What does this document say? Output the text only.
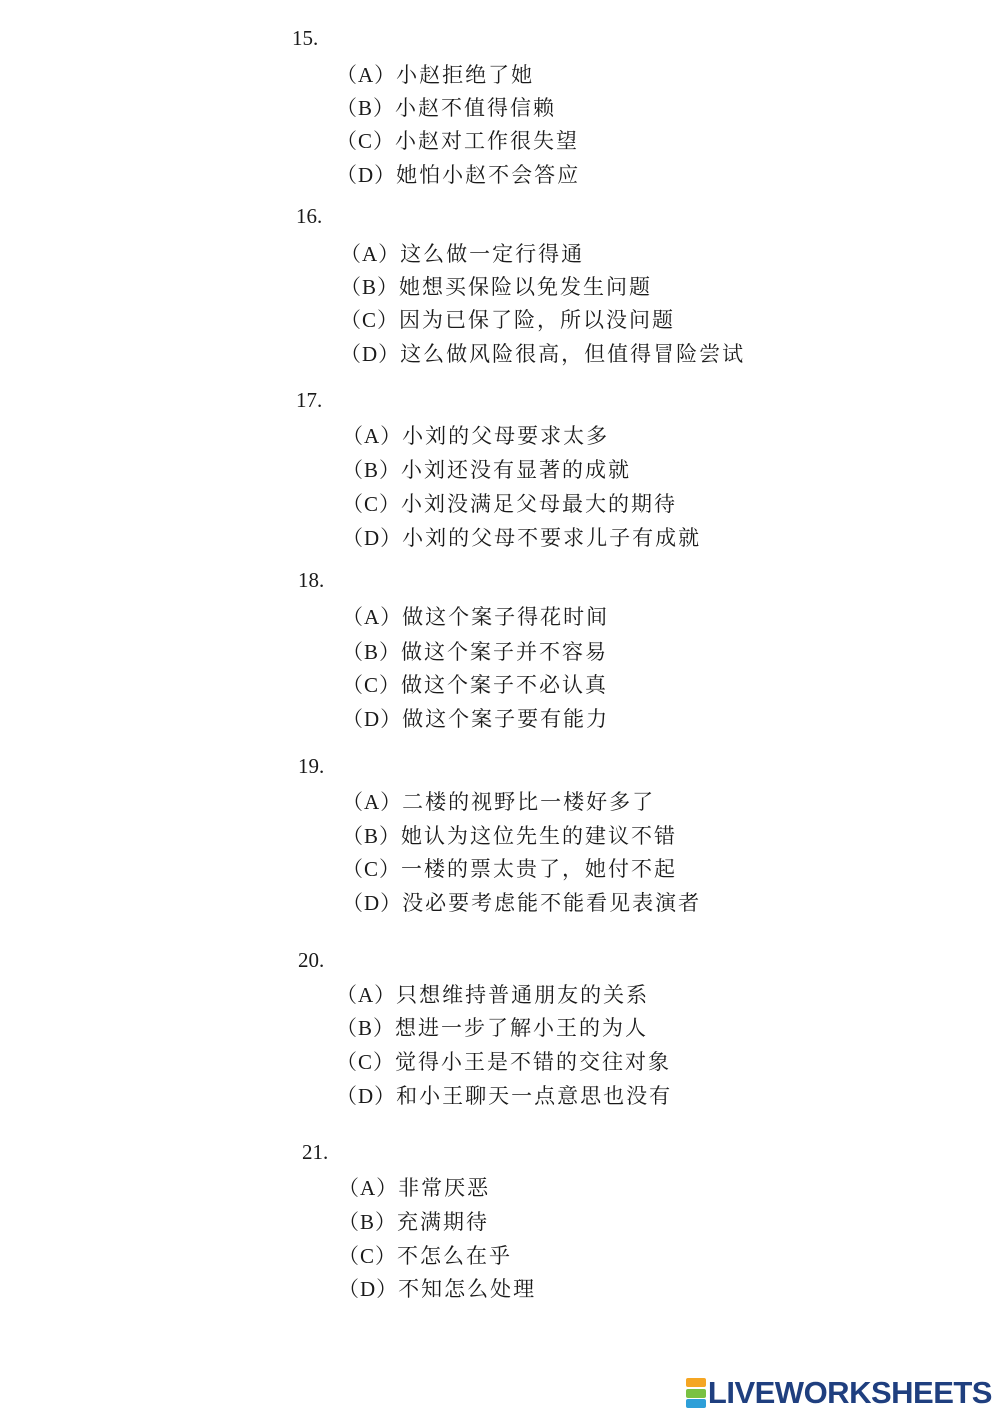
15.
（A）小赵拒绝了她
（B）小赵不值得信赖
（C）小赵对工作很失望
（D）她怕小赵不会答应
16.
（A）这么做一定行得通
（B）她想买保险以免发生问题
（C）因为已保了险，所以没问题
（D）这么做风险很高，但值得冒险尝试
17.
（A）小刘的父母要求太多
（B）小刘还没有显著的成就
（C）小刘没满足父母最大的期待
（D）小刘的父母不要求儿子有成就
18.
（A）做这个案子得花时间
（B）做这个案子并不容易
（C）做这个案子不必认真
（D）做这个案子要有能力
19.
（A）二楼的视野比一楼好多了
（B）她认为这位先生的建议不错
（C）一楼的票太贵了，她付不起
（D）没必要考虑能不能看见表演者
20.
（A）只想维持普通朋友的关系
（B）想进一步了解小王的为人
（C）觉得小王是不错的交往对象
（D）和小王聊天一点意思也没有
21.
（A）非常厌恶
（B）充满期待
（C）不怎么在乎
（D）不知怎么处理
LIVEWORKSHEETS
